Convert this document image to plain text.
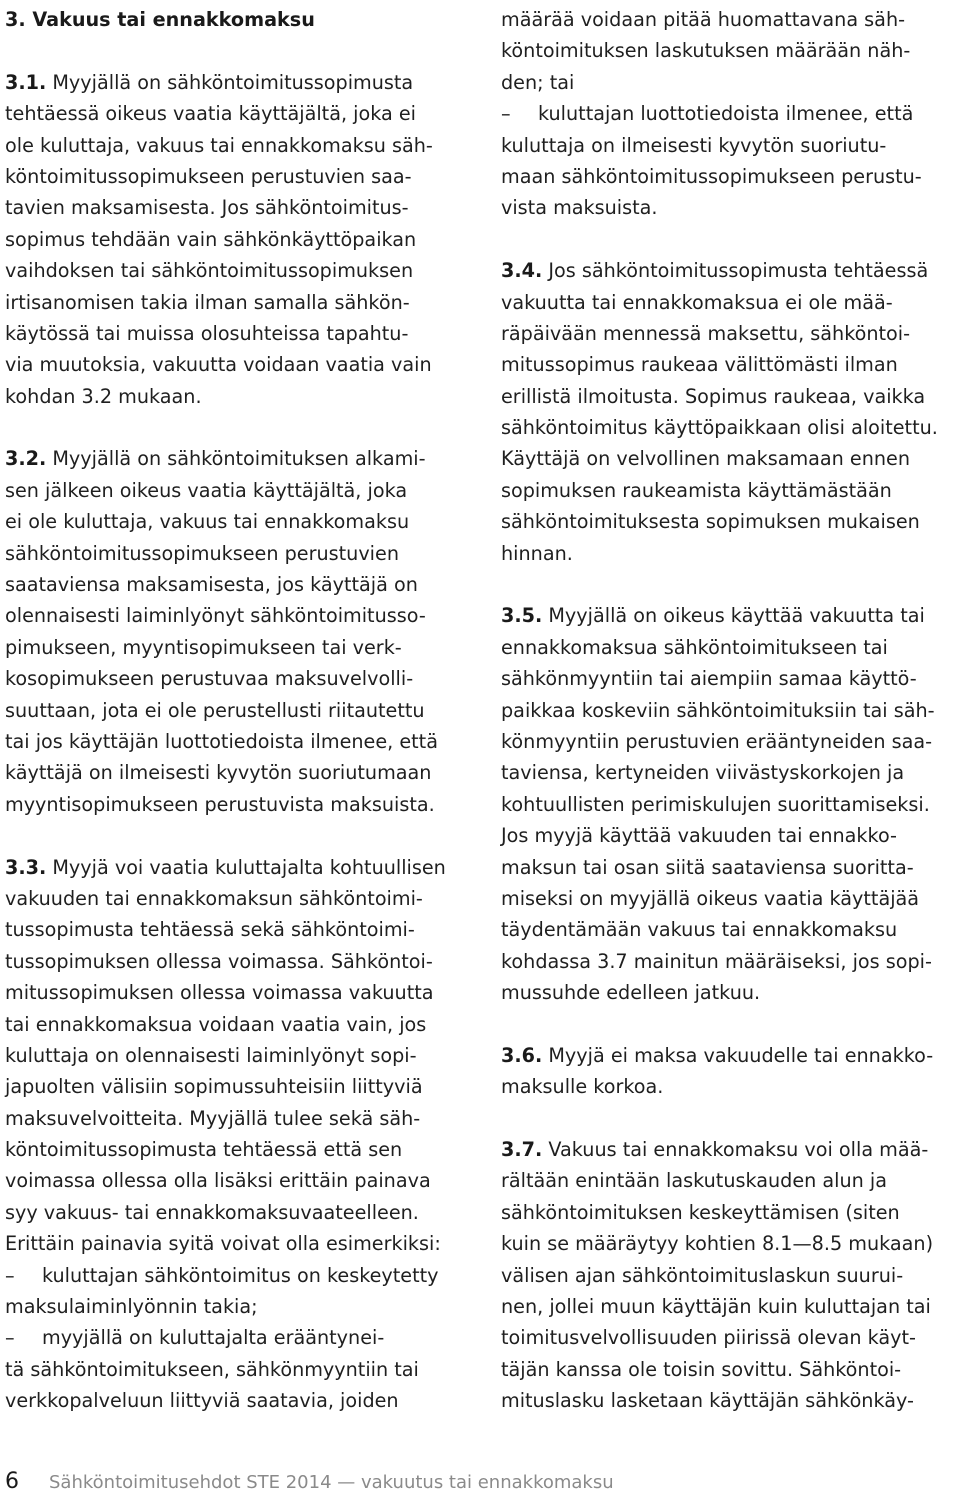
3. Vakuus tai ennakkomaksu
3.1. Myyjällä on sähköntoimitussopimusta
tehtäessä oikeus vaatia käyttäjältä, joka ei
ole kuluttaja, vakuus tai ennakkomaksu säh-
köntoimitussopimukseen perustuvien saa-
tavien maksamisesta. Jos sähköntoimitus-
sopimus tehdään vain sähkönkäyttöpaikan
vaihdoksen tai sähköntoimitussopimuksen
irtisanomisen takia ilman samalla sähkön-
käytössä tai muissa olosuhteissa tapahtu-
via muutoksia, vakuutta voidaan vaatia vain
kohdan 3.2 mukaan.
3.2. Myyjällä on sähköntoimituksen alkami-
sen jälkeen oikeus vaatia käyttäjältä, joka
ei ole kuluttaja, vakuus tai ennakkomaksu
sähköntoimitussopimukseen perustuvien
saataviensa maksamisesta, jos käyttäjä on
olennaisesti laiminlyönyt sähköntoimitusso-
pimukseen, myyntisopimukseen tai verk-
kosopimukseen perustuvaa maksuvelvolli-
suuttaan, jota ei ole perustellusti riitautettu
tai jos käyttäjän luottotiedoista ilmenee, että
käyttäjä on ilmeisesti kyvytön suoriutumaan
myyntisopimukseen perustuvista maksuista.
3.3. Myyjä voi vaatia kuluttajalta kohtuullisen
vakuuden tai ennakkomaksun sähköntoimi-
tussopimusta tehtäessä sekä sähköntoimi-
tussopimuksen ollessa voimassa. Sähköntoi-
mitussopimuksen ollessa voimassa vakuutta
tai ennakkomaksua voidaan vaatia vain, jos
kuluttaja on olennaisesti laiminlyönyt sopi-
japuolten välisiin sopimussuhteisiin liittyviä
maksuvelvoitteita. Myyjällä tulee sekä säh-
köntoimitussopimusta tehtäessä että sen
voimassa ollessa olla lisäksi erittäin painava
syy vakuus- tai ennakkomaksuvaateelleen.
Erittäin painavia syitä voivat olla esimerkiksi:
– kuluttajan sähköntoimitus on keskeytetty
maksulaiminlyönnin takia;
– myyjällä on kuluttajalta erääntynei-
tä sähköntoimitukseen, sähkönmyyntiin tai
verkkopalveluun liittyviä saatavia, joiden
määrää voidaan pitää huomattavana säh-
köntoimituksen laskutuksen määrään näh-
den; tai
– kuluttajan luottotiedoista ilmenee, että
kuluttaja on ilmeisesti kyvytön suoriutu-
maan sähköntoimitussopimukseen perustu-
vista maksuista.
3.4. Jos sähköntoimitussopimusta tehtäessä
vakuutta tai ennakkomaksua ei ole mää-
räpäivään mennessä maksettu, sähköntoi-
mitussopimus raukeaa välittömästi ilman
erillistä ilmoitusta. Sopimus raukeaa, vaikka
sähköntoimitus käyttöpaikkaan olisi aloitettu.
Käyttäjä on velvollinen maksamaan ennen
sopimuksen raukeamista käyttämästään
sähköntoimituksesta sopimuksen mukaisen
hinnan.
3.5. Myyjällä on oikeus käyttää vakuutta tai
ennakkomaksua sähköntoimitukseen tai
sähkönmyyntiin tai aiempiin samaa käyttö-
paikkaa koskeviin sähköntoimituksiin tai säh-
könmyyntiin perustuvien erääntyneiden saa-
taviensa, kertyneiden viivästyskorkojen ja
kohtuullisten perimiskulujen suorittamiseksi.
Jos myyjä käyttää vakuuden tai ennakko-
maksun tai osan siitä saataviensa suoritta-
miseksi on myyjällä oikeus vaatia käyttäjää
täydentämään vakuus tai ennakkomaksu
kohdassa 3.7 mainitun määräiseksi, jos sopi-
mussuhde edelleen jatkuu.
3.6. Myyjä ei maksa vakuudelle tai ennakko-
maksulle korkoa.
3.7. Vakuus tai ennakkomaksu voi olla mää-
rältään enintään laskutuskauden alun ja
sähköntoimituksen keskeyttämisen (siten
kuin se määräytyy kohtien 8.1—8.5 mukaan)
välisen ajan sähköntoimituslaskun suurui-
nen, jollei muun käyttäjän kuin kuluttajan tai
toimitusvelvollisuuden piirissä olevan käyt-
täjän kanssa ole toisin sovittu. Sähköntoi-
mituslasku lasketaan käyttäjän sähkönkäy-
6 Sähköntoimitusehdot STE 2014 — vakuutus tai ennakkomaksu
